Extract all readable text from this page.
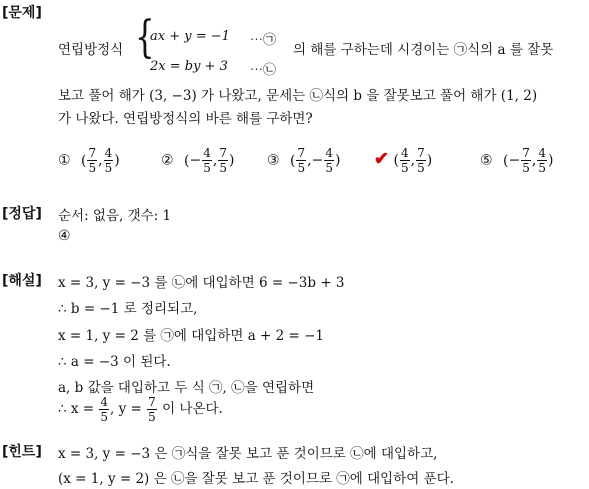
[문제]
[정답]
[해설]
[힌트]
연립방정식 {
ax + y = −1 ⋯㉠
2x = by + 3 ⋯㉡
의 해를 구하는데 시경이는 ㉠식의 a 를 잘못
보고 풀어 해가 (3, −3) 가 나왔고, 문세는 ㉡식의 b 을 잘못보고 풀어 해가 (1, 2)
가 나왔다. 연립방정식의 바른 해를 구하면?
① ( $\frac{7}{5}$ , $\frac{4}{5}$ )	② (− $\frac{4}{5}$ , $\frac{7}{5}$ ) ③ ( $\frac{7}{5}$ ,− $\frac{4}{5}$ ) ✔ ( $\frac{4}{5}$ , $\frac{7}{5}$ )	⑤ (− $\frac{7}{5}$ , $\frac{4}{5}$ )
순서: 없음, 갯수: 1
④
x = 3, y = −3 를 ㉡에 대입하면 6 = −3b + 3
∴ b = −1 로 정리되고,
x = 1, y = 2 를 ㉠에 대입하면 a + 2 = −1
∴ a = −3 이 된다.
a, b 값을 대입하고 두 식 ㉠, ㉡을 연립하면
∴ $x = \frac{4}{5}$ , $y = \frac{7}{5}$ 이 나온다.
x = 3, y = −3 은 ㉠식을 잘못 보고 푼 것이므로 ㉡에 대입하고,
(x = 1, y = 2) 은 ㉡을 잘못 보고 푼 것이므로 ㉠에 대입하여 푼다.
